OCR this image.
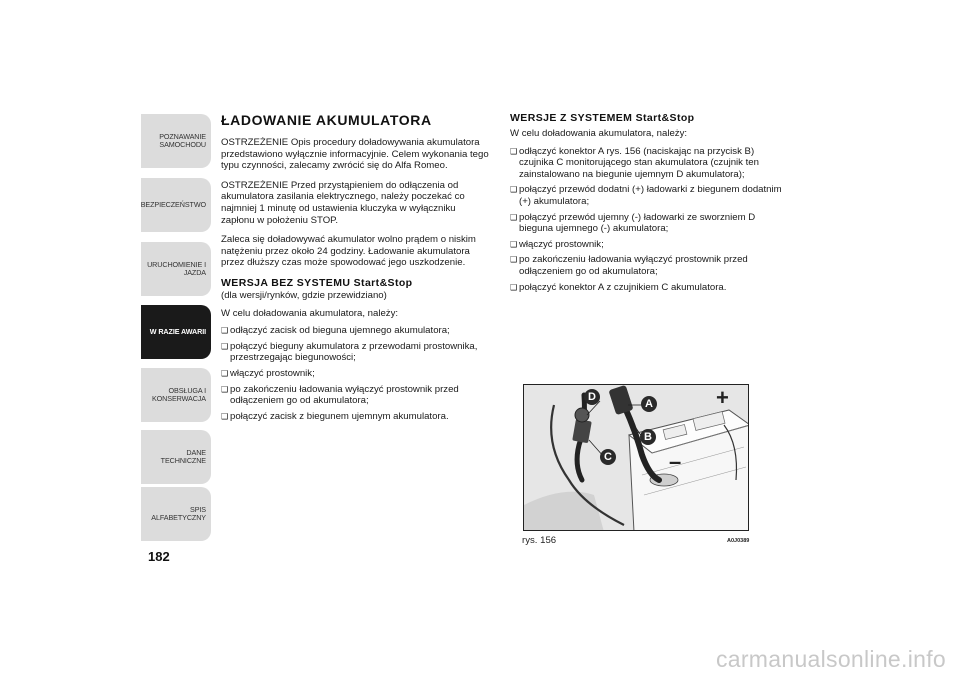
POZNAWANIE
SAMOCHODU
BEZPIECZEŃSTWO
URUCHOMIENIE I
JAZDA
W RAZIE AWARII
OBSŁUGA I
KONSERWACJA
DANE TECHNICZNE
SPIS ALFABETYCZNY
182
ŁADOWANIE AKUMULATORA

OSTRZEŻENIE Opis procedury doładowywania akumulatora przedstawiono wyłącznie informacyjnie. Celem wykonania tego typu czynności, zalecamy zwrócić się do Alfa Romeo.

OSTRZEŻENIE Przed przystąpieniem do odłączenia od akumulatora zasilania elektrycznego, należy poczekać co najmniej 1 minutę od ustawienia kluczyka w wyłączniku zapłonu w położeniu STOP.

Zaleca się doładowywać akumulator wolno prądem o niskim natężeniu przez około 24 godziny. Ładowanie akumulatora przez dłuższy czas może spowodować jego uszkodzenie.

WERSJA BEZ SYSTEMU Start&Stop

(dla wersji/rynków, gdzie przewidziano)

W celu doładowania akumulatora, należy:

❑ odłączyć zacisk od bieguna ujemnego akumulatora;
❑ połączyć bieguny akumulatora z przewodami prostownika, przestrzegając biegunowości;
❑ włączyć prostownik;
❑ po zakończeniu ładowania wyłączyć prostownik przed odłączeniem go od akumulatora;
❑ połączyć zacisk z biegunem ujemnym akumulatora.
WERSJE Z SYSTEMEM Start&Stop

W celu doładowania akumulatora, należy:

❑ odłączyć konektor A rys. 156 (naciskając na przycisk B) czujnika C monitorującego stan akumulatora (czujnik ten zainstalowano na biegunie ujemnym D akumulatora);
❑ połączyć przewód dodatni (+) ładowarki z biegunem dodatnim (+) akumulatora;
❑ połączyć przewód ujemny (-) ładowarki ze sworzniem D bieguna ujemnego (-) akumulatora;
❑ włączyć prostownik;
❑ po zakończeniu ładowania wyłączyć prostownik przed odłączeniem go od akumulatora;
❑ połączyć konektor A z czujnikiem C akumulatora.
D
A
B
C
+
–
rys. 156	A0J0389
carmanualsonline.info
